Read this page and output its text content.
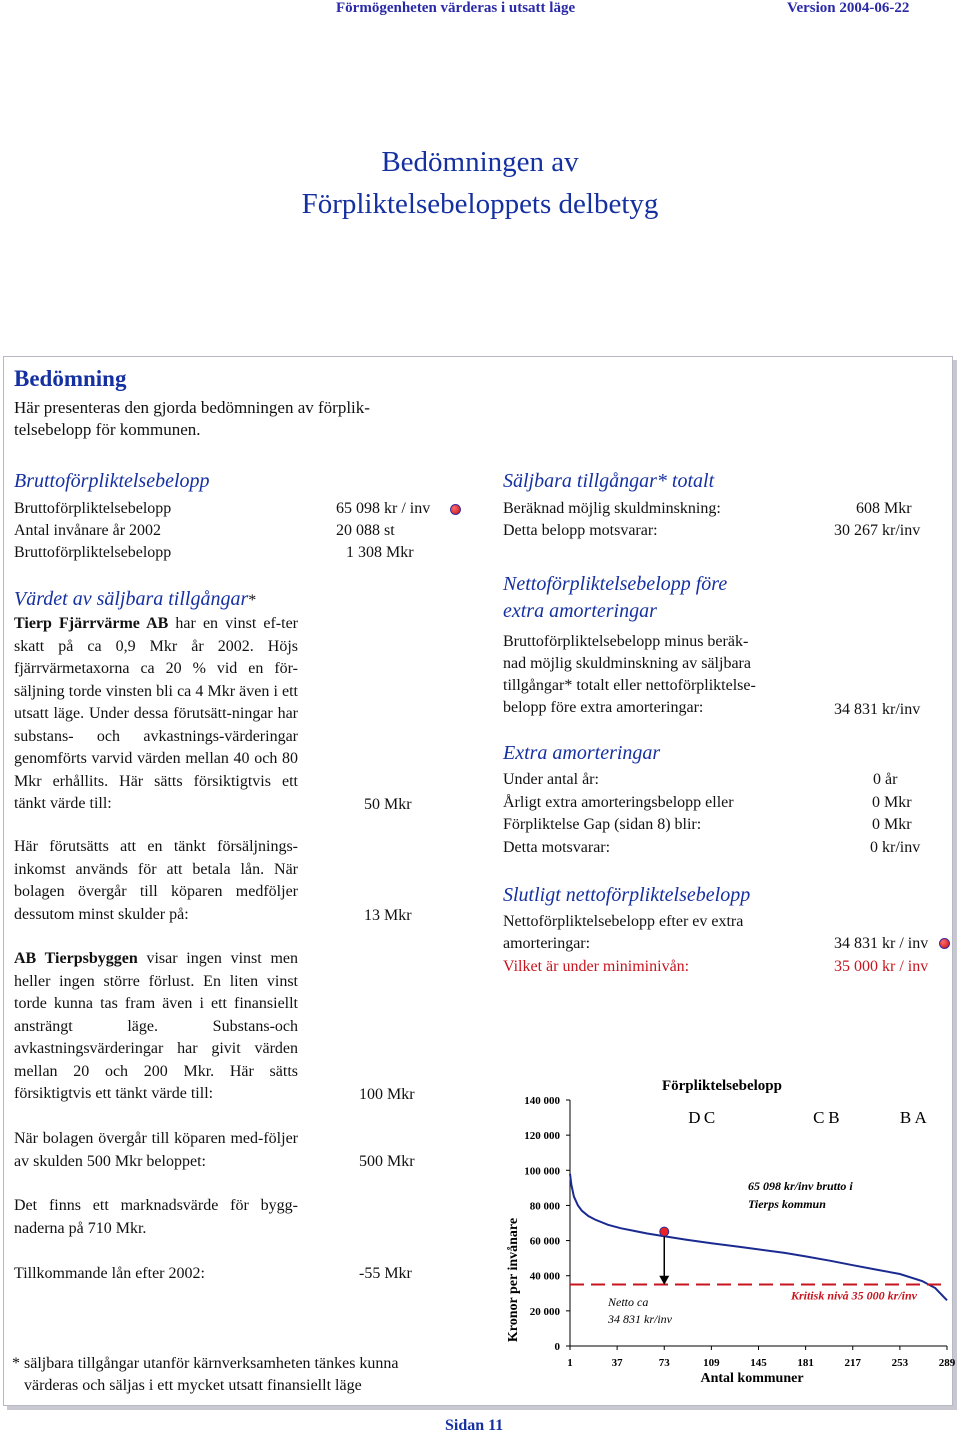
Förmögenheten värderas i utsatt läge	Version 2004-06-22
Bedömningen av
Förpliktelsebeloppets delbetyg
Bedömning
Här presenteras den gjorda bedömningen av förplik-
telsebelopp för kommunen.
Bruttoförpliktelsebelopp
Bruttoförpliktelsebelopp	65 098 kr / inv
Antal invånare år 2002	20 088 st
Bruttoförpliktelsebelopp	1 308 Mkr
Värdet av säljbara tillgångar*
Tierp Fjärrvärme AB har en vinst ef-ter skatt på ca 0,9 Mkr år 2002. Höjs fjärrvärmetaxorna ca 20 % vid en för-säljning torde vinsten bli ca 4 Mkr även i ett utsatt läge. Under dessa förutsätt-ningar har substans- och avkastnings-värderingar genomförts varvid värden mellan 40 och 80 Mkr erhållits. Här sätts försiktigtvis ett tänkt värde till:	50 Mkr
Här förutsätts att en tänkt försäljnings-inkomst används för att betala lån. När bolagen övergår till köparen medföljer dessutom minst skulder på:	13 Mkr
AB Tierpsbyggen visar ingen vinst men heller ingen större förlust. En liten vinst torde kunna tas fram även i ett finansiellt ansträngt läge. Substans-och avkastningsvärderingar har givit värden mellan 20 och 200 Mkr. Här sätts försiktigtvis ett tänkt värde till:	100 Mkr
När bolagen övergår till köparen med-följer av skulden 500 Mkr beloppet:	500 Mkr
Det finns ett marknadsvärde för bygg-naderna på 710 Mkr.
Tillkommande lån efter 2002:	-55 Mkr
* säljbara tillgångar utanför kärnverksamheten tänkes kunna
värderas och säljas i ett mycket utsatt finansiellt läge
Säljbara tillgångar* totalt
Beräknad möjlig skuldminskning:	608 Mkr
Detta belopp motsvarar:	30 267 kr/inv
Nettoförpliktelsebelopp före
extra amorteringar
Bruttoförpliktelsebelopp minus beräk-
nad möjlig skuldminskning av säljbara
tillgångar* totalt eller nettoförpliktelse-
belopp före extra amorteringar:	34 831 kr/inv
Extra amorteringar
Under antal år:	0 år
Årligt extra amorteringsbelopp eller	0 Mkr
Förpliktelse Gap (sidan 8) blir:	0 Mkr
Detta motsvarar:	0 kr/inv
Slutligt nettoförpliktelsebelopp
Nettoförpliktelsebelopp efter ev extra
amorteringar:	34 831 kr / inv
Vilket är under miniminivån:	35 000 kr / inv
Förpliktelsebelopp
Kronor per invånare
Antal kommuner
0
20 000
40 000
60 000
80 000
100 000
120 000
140 000
1	37	73	109	145	181	217	253	289
D C	C B	B A
Kritisk nivå 35 000 kr/inv
65 098 kr/inv brutto i
Tierps kommun
Netto ca
34 831 kr/inv
Sidan 11
